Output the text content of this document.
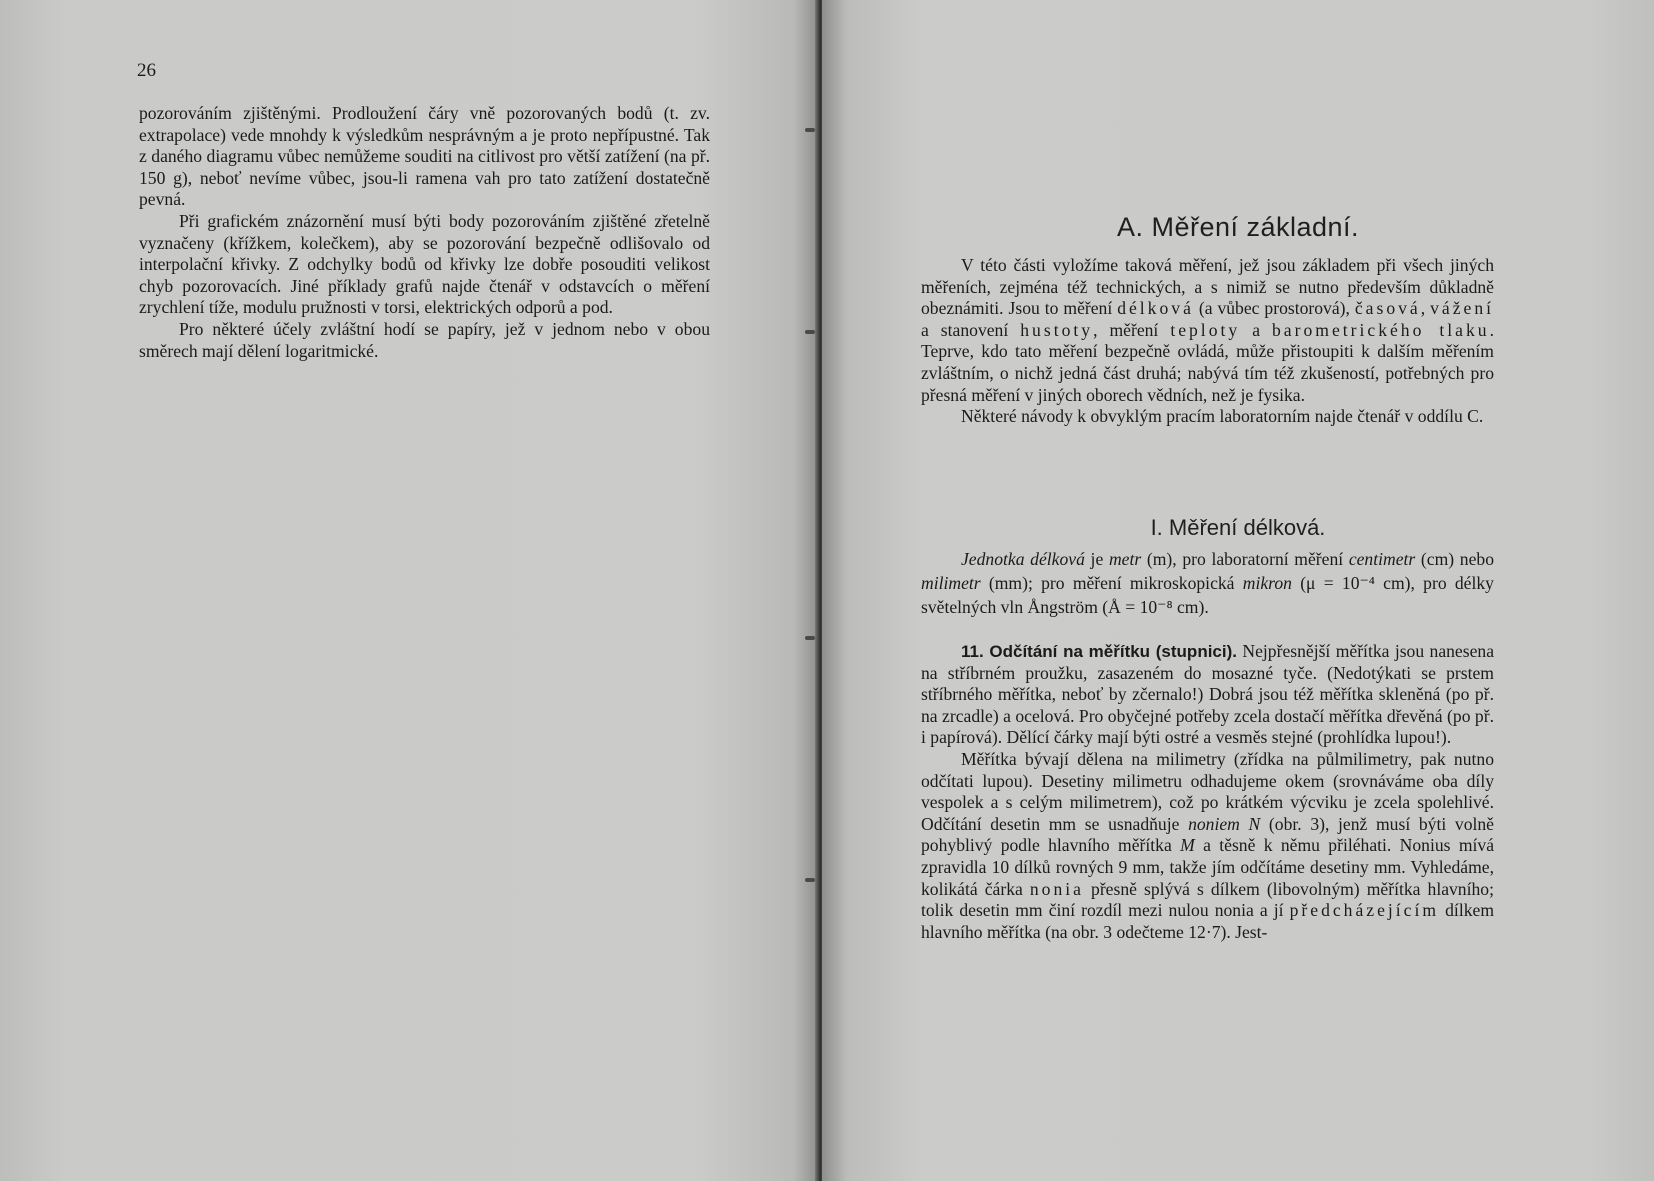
26

pozorováním zjištěnými. Prodloužení čáry vně pozorovaných bodů (t. zv. extrapolace) vede mnohdy k výsledkům nesprávným a je proto nepřípustné. Tak z daného diagramu vůbec nemůžeme souditi na citlivost pro větší zatížení (na př. 150 g), neboť nevíme vůbec, jsou-li ramena vah pro tato zatížení dostatečně pevná.

Při grafickém znázornění musí býti body pozorováním zjištěné zřetelně vyznačeny (křížkem, kolečkem), aby se pozorování bezpečně odlišovalo od interpolační křivky. Z odchylky bodů od křivky lze dobře posouditi velikost chyb pozorovacích. Jiné příklady grafů najde čtenář v odstavcích o měření zrychlení tíže, modulu pružnosti v torsi, elektrických odporů a pod.

Pro některé účely zvláštní hodí se papíry, jež v jednom nebo v obou směrech mají dělení logaritmické.

A. Měření základní.

V této části vyložíme taková měření, jež jsou základem při všech jiných měřeních, zejména též technických, a s nimiž se nutno především důkladně obeznámiti. Jsou to měření délková (a vůbec prostorová), časová, vážení a stanovení hustoty, měření teploty a barometrického tlaku. Teprve, kdo tato měření bezpečně ovládá, může přistoupiti k dalším měřením zvláštním, o nichž jedná část druhá; nabývá tím též zkušeností, potřebných pro přesná měření v jiných oborech vědních, než je fysika.

Některé návody k obvyklým pracím laboratorním najde čtenář v oddílu C.

I. Měření délková.

Jednotka délková je metr (m), pro laboratorní měření centimetr (cm) nebo milimetr (mm); pro měření mikroskopická mikron (μ = 10⁻⁴ cm), pro délky světelných vln Ångström (Å = 10⁻⁸ cm).

11. Odčítání na měřítku (stupnici). Nejpřesnější měřítka jsou nanesena na stříbrném proužku, zasazeném do mosazné tyče. (Nedotýkati se prstem stříbrného měřítka, neboť by zčernalo!) Dobrá jsou též měřítka skleněná (po př. na zrcadle) a ocelová. Pro obyčejné potřeby zcela dostačí měřítka dřevěná (po př. i papírová). Dělící čárky mají býti ostré a vesměs stejné (prohlídka lupou!).

Měřítka bývají dělena na milimetry (zřídka na půlmilimetry, pak nutno odčítati lupou). Desetiny milimetru odhadujeme okem (srovnáváme oba díly vespolek a s celým milimetrem), což po krátkém výcviku je zcela spolehlivé. Odčítání desetin mm se usnadňuje noniem N (obr. 3), jenž musí býti volně pohyblivý podle hlavního měřítka M a těsně k němu přiléhati. Nonius mívá zpravidla 10 dílků rovných 9 mm, takže jím odčítáme desetiny mm. Vyhledáme, kolikátá čárka nonia přesně splývá s dílkem (libovolným) měřítka hlavního; tolik desetin mm činí rozdíl mezi nulou nonia a jí předcházejícím dílkem hlavního měřítka (na obr. 3 odečteme 12·7). Jest-
